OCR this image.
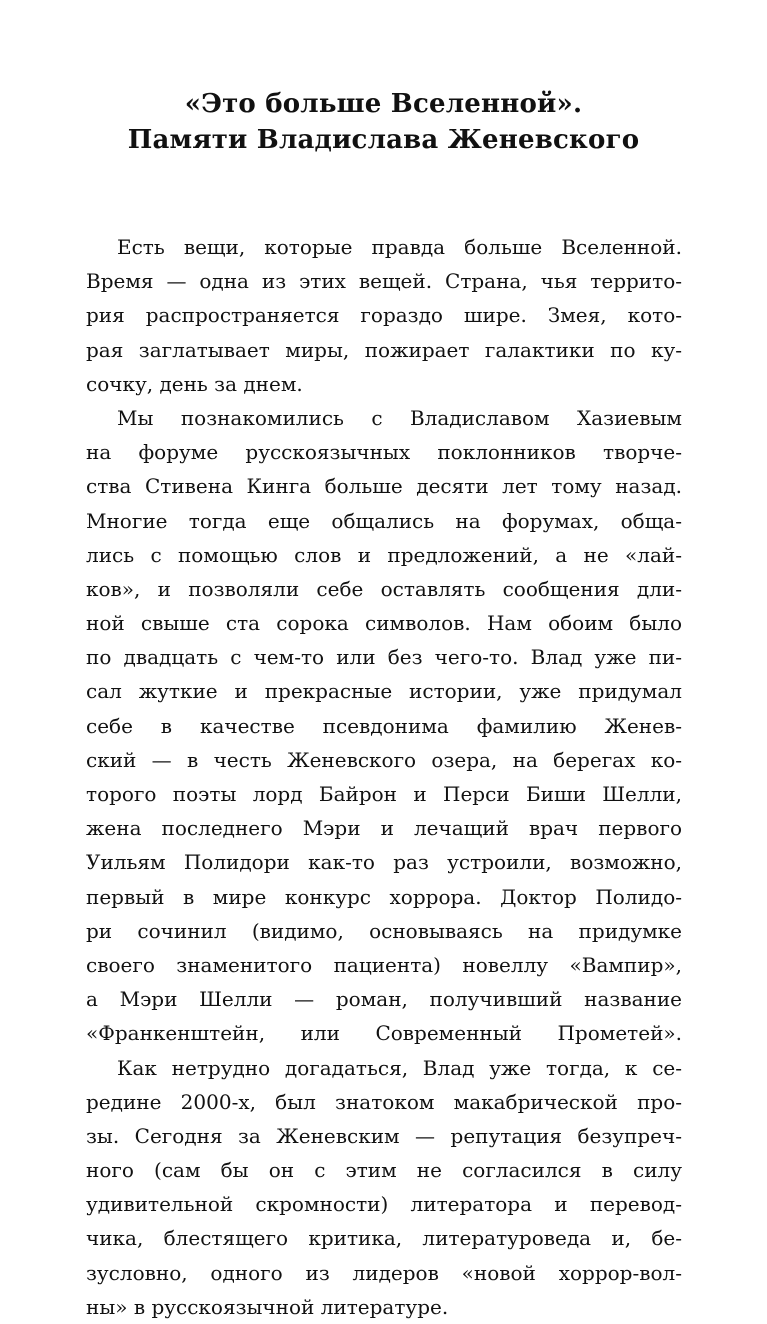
«Это больше Вселенной».
Памяти Владислава Женевского
Есть вещи, которые правда больше Вселенной.
Время — одна из этих вещей. Страна, чья террито-
рия распространяется гораздо шире. Змея, кото-
рая заглатывает миры, пожирает галактики по ку-
сочку, день за днем.
Мы познакомились с Владиславом Хазиевым
на форуме русскоязычных поклонников творче-
ства Стивена Кинга больше десяти лет тому назад.
Многие тогда еще общались на форумах, обща-
лись с помощью слов и предложений, а не «лай-
ков», и позволяли себе оставлять сообщения дли-
ной свыше ста сорока символов. Нам обоим было
по двадцать с чем-то или без чего-то. Влад уже пи-
сал жуткие и прекрасные истории, уже придумал
себе в качестве псевдонима фамилию Женев-
ский — в честь Женевского озера, на берегах ко-
торого поэты лорд Байрон и Перси Биши Шелли,
жена последнего Мэри и лечащий врач первого
Уильям Полидори как-то раз устроили, возможно,
первый в мире конкурс хоррора. Доктор Полидо-
ри сочинил (видимо, основываясь на придумке
своего знаменитого пациента) новеллу «Вампир»,
а Мэри Шелли — роман, получивший название
«Франкенштейн, или Современный Прометей».
Как нетрудно догадаться, Влад уже тогда, к се-
редине 2000-х, был знатоком макабрической про-
зы. Сегодня за Женевским — репутация безупреч-
ного (сам бы он с этим не согласился в силу
удивительной скромности) литератора и перевод-
чика, блестящего критика, литературоведа и, бе-
зусловно, одного из лидеров «новой хоррор-вол-
ны» в русскоязычной литературе.
